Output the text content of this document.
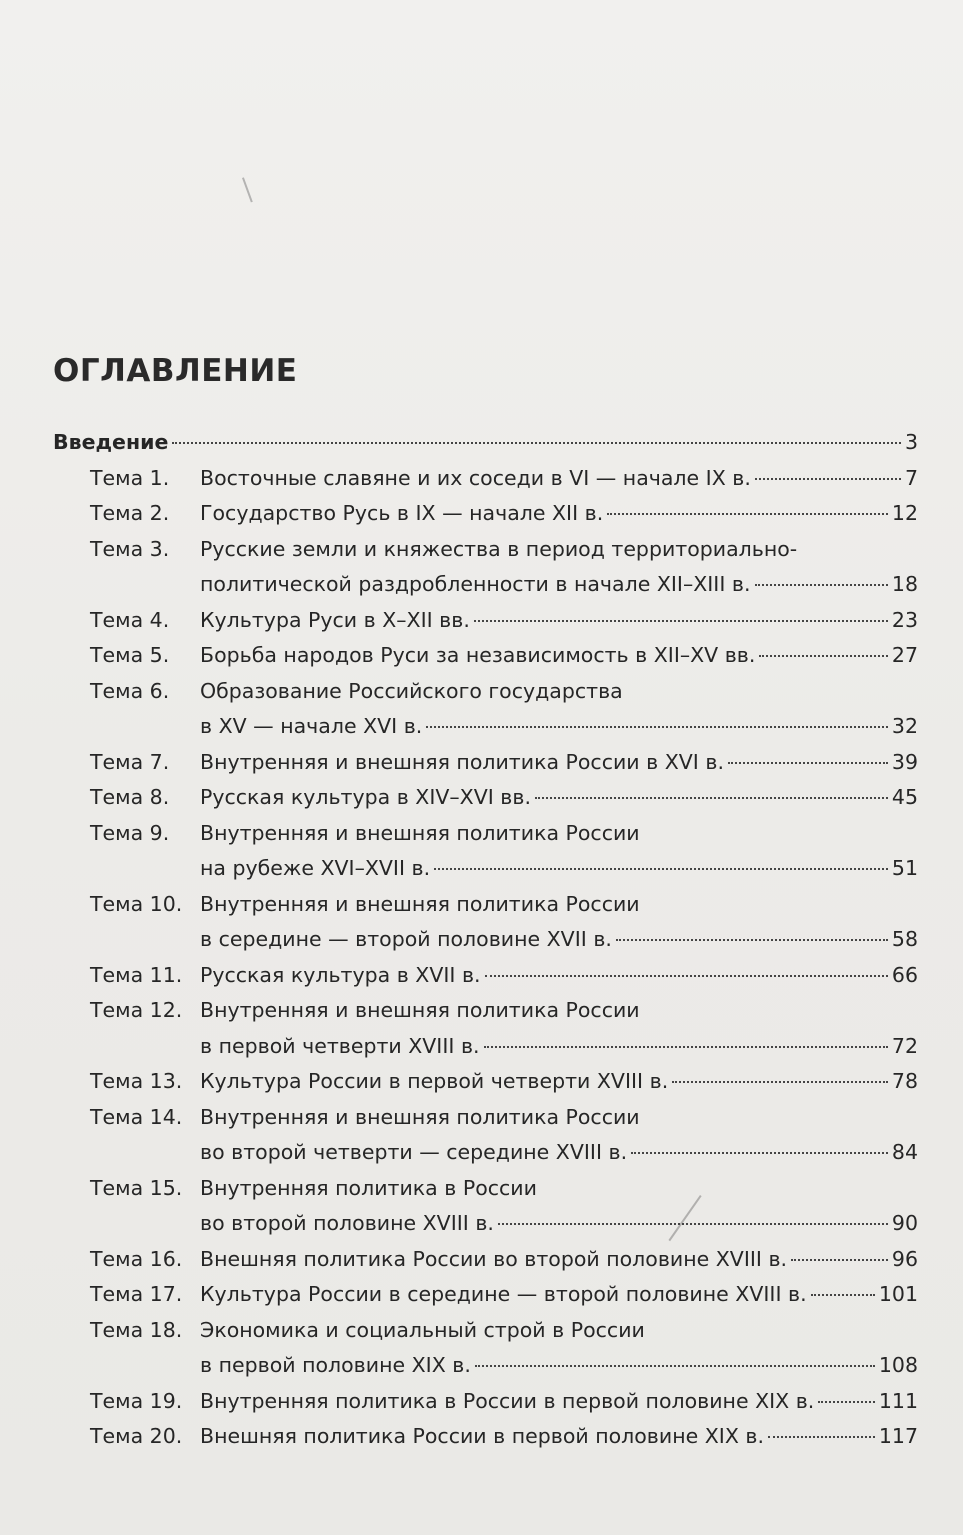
ОГЛАВЛЕНИЕ
Введение	3
Тема 1. Восточные славяне и их соседи в VI — начале IX в.	7
Тема 2. Государство Русь в IX — начале XII в.	12
Тема 3. Русские земли и княжества в период территориально-
политической раздробленности в начале XII–XIII в.	18
Тема 4. Культура Руси в X–XII вв.	23
Тема 5. Борьба народов Руси за независимость в XII–XV вв.	27
Тема 6. Образование Российского государства
в XV — начале XVI в.	32
Тема 7. Внутренняя и внешняя политика России в XVI в.	39
Тема 8. Русская культура в XIV–XVI вв.	45
Тема 9. Внутренняя и внешняя политика России
на рубеже XVI–XVII в.	51
Тема 10. Внутренняя и внешняя политика России
в середине — второй половине XVII в.	58
Тема 11. Русская культура в XVII в.	66
Тема 12. Внутренняя и внешняя политика России
в первой четверти XVIII в.	72
Тема 13. Культура России в первой четверти XVIII в.	78
Тема 14. Внутренняя и внешняя политика России
во второй четверти — середине XVIII в.	84
Тема 15. Внутренняя политика в России
во второй половине XVIII в.	90
Тема 16. Внешняя политика России во второй половине XVIII в.	96
Тема 17. Культура России в середине — второй половине XVIII в.	101
Тема 18. Экономика и социальный строй в России
в первой половине XIX в.	108
Тема 19. Внутренняя политика в России в первой половине XIX в.	111
Тема 20. Внешняя политика России в первой половине XIX в.	117
